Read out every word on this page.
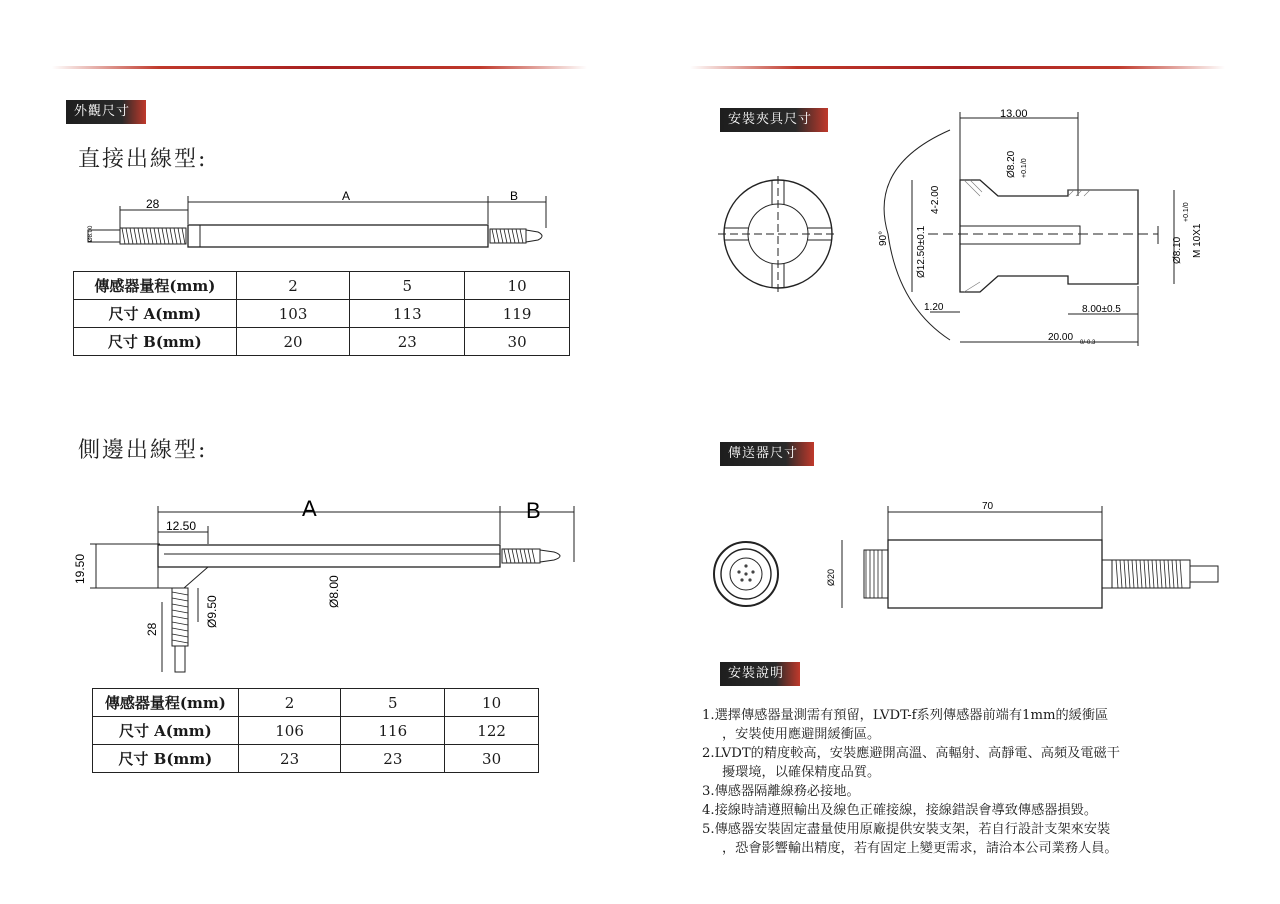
外觀尺寸
直接出線型:
28
A	B
Ø8.00
傳感器量程(mm)	2	5	10
尺寸 A(mm)	103	113	119
尺寸 B(mm)	20	23	30
側邊出線型:
A	B
12.50
19.50
28
Ø9.50
Ø8.00
傳感器量程(mm)	2	5	10
尺寸 A(mm)	106	116	122
尺寸 B(mm)	23	23	30
安裝夾具尺寸	13.00
Ø8.20 +0.1/0
4-2.00
Ø12.50±0.1
90°	Ø8.10
+0.1/0
M 10X1
1.20	8.00±0.5
20.00 0/-0.3
傳送器尺寸
70
Ø20
安裝說明
1.選擇傳感器量測需有預留，LVDT-f系列傳感器前端有1mm的緩衝區
，安裝使用應避開緩衝區。
2.LVDT的精度較高，安裝應避開高溫、高輻射、高靜電、高頻及電磁干
擾環境，以確保精度品質。
3.傳感器隔離線務必接地。
4.接線時請遵照輸出及線色正確接線，接線錯誤會導致傳感器損毀。
5.傳感器安裝固定盡量使用原廠提供安裝支架，若自行設計支架來安裝
，恐會影響輸出精度，若有固定上變更需求，請洽本公司業務人員。
